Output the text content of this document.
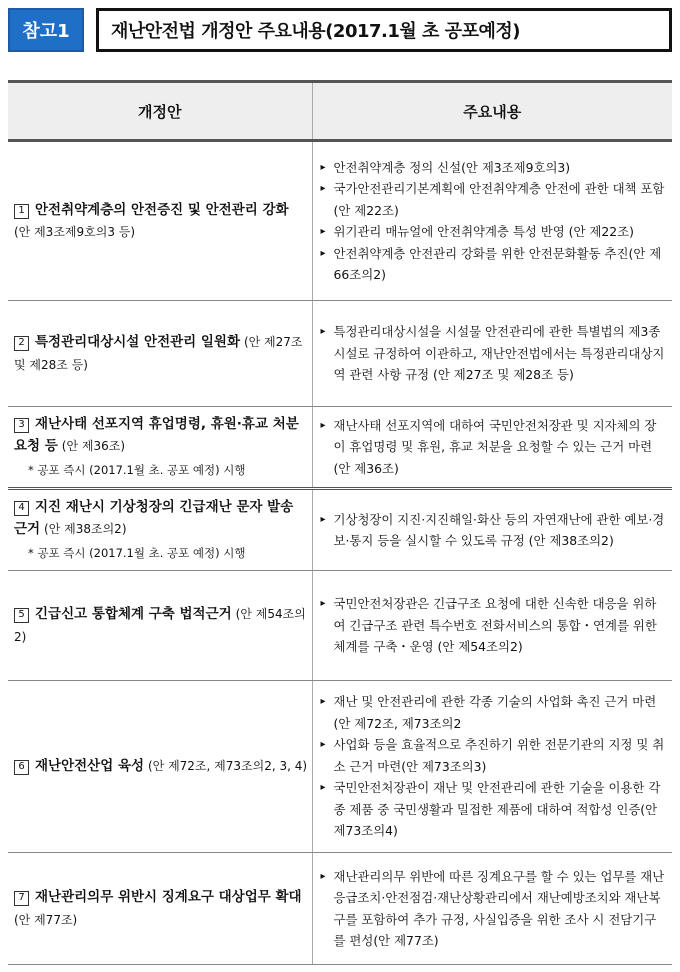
참고1	재난안전법 개정안 주요내용(2017.1월 초 공포예정)
개정안	주요내용

1 안전취약계층의 안전증진 및 안전관리 강화 (안 제3조제9호의3 등)	▸ 안전취약계층 정의 신설(안 제3조제9호의3)
▸ 국가안전관리기본계획에 안전취약계층 안전에 관한 대책 포함(안 제22조)
▸ 위기관리 매뉴얼에 안전취약계층 특성 반영 (안 제22조)
▸ 안전취약계층 안전관리 강화를 위한 안전문화활동 추진(안 제66조의2)

2 특정관리대상시설 안전관리 일원화 (안 제27조 및 제28조 등)	▸ 특정관리대상시설을 시설물 안전관리에 관한 특별법의 제3종 시설로 규정하여 이관하고, 재난안전법에서는 특정관리대상지역 관련 사항 규정 (안 제27조 및 제28조 등)

3 재난사태 선포지역 휴업명령, 휴원·휴교 처분 요청 등 (안 제36조)
* 공포 즉시 (2017.1월 초. 공포 예정) 시행	▸ 재난사태 선포지역에 대하여 국민안전처장관 및 지자체의 장이 휴업명령 및 휴원, 휴교 처분을 요청할 수 있는 근거 마련(안 제36조)

4 지진 재난시 기상청장의 긴급재난 문자 발송 근거 (안 제38조의2)
* 공포 즉시 (2017.1월 초. 공포 예정) 시행	▸ 기상청장이 지진·지진해일·화산 등의 자연재난에 관한 예보·경보·통지 등을 실시할 수 있도록 규정 (안 제38조의2)

5 긴급신고 통합체계 구축 법적근거 (안 제54조의2)	▸ 국민안전처장관은 긴급구조 요청에 대한 신속한 대응을 위하여 긴급구조 관련 특수번호 전화서비스의 통합・연계를 위한 체계를 구축・운영 (안 제54조의2)

6 재난안전산업 육성 (안 제72조, 제73조의2, 3, 4)	▸ 재난 및 안전관리에 관한 각종 기술의 사업화 촉진 근거 마련(안 제72조, 제73조의2
▸ 사업화 등을 효율적으로 추진하기 위한 전문기관의 지정 및 취소 근거 마련(안 제73조의3)
▸ 국민안전처장관이 재난 및 안전관리에 관한 기술을 이용한 각종 제품 중 국민생활과 밀접한 제품에 대하여 적합성 인증(안 제73조의4)

7 재난관리의무 위반시 징계요구 대상업무 확대 (안 제77조)	▸ 재난관리의무 위반에 따른 징계요구를 할 수 있는 업무를 재난응급조치·안전점검·재난상황관리에서 재난예방조치와 재난복구를 포함하여 추가 규정, 사실입증을 위한 조사 시 전담기구를 편성(안 제77조)
